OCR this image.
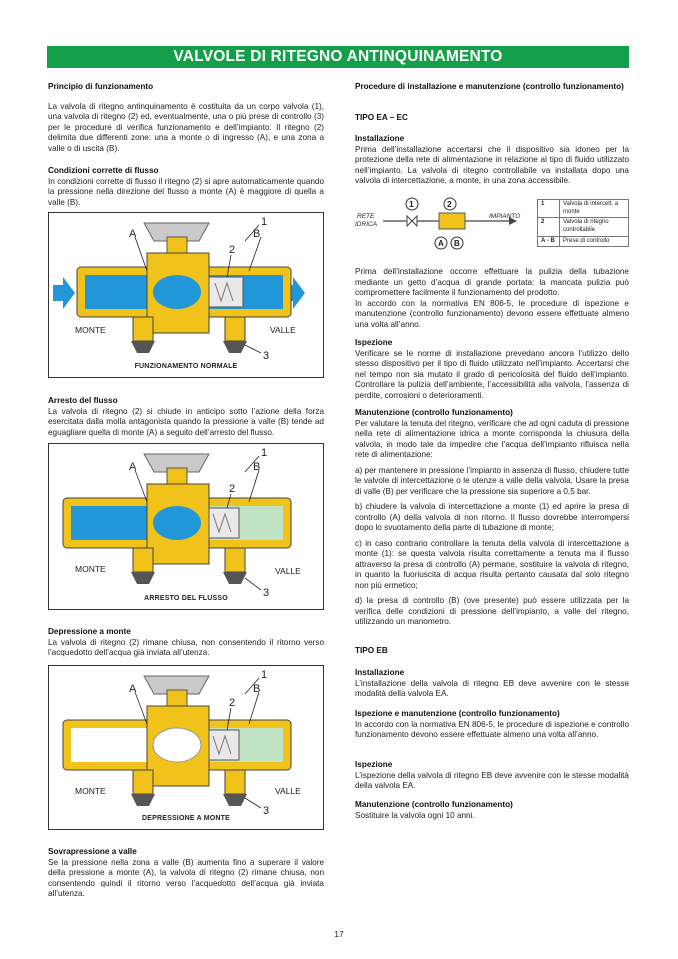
VALVOLE DI RITEGNO ANTINQUINAMENTO
Principio di funzionamento

La valvola di ritegno antinquinamento è costituita da un corpo valvola (1), una valvola di ritegno (2) ed, eventualmente, una o più prese di controllo (3) per le procedure di verifica funzionamento e dell’impianto. Il ritegno (2) delimita due differenti zone: una a monte o di ingresso (A), e una zona a valle o di uscita (B).

Condizioni corrette di flusso

In condizioni corrette di flusso il ritegno (2) si apre automaticamente quando la pressione nella direzione del flusso a monte (A) è maggiore di quella a valle (B).

A	B
1
2
3
MONTE	VALLE
FUNZIONAMENTO NORMALE
Arresto del flusso

La valvola di ritegno (2) si chiude in anticipo sotto l’azione della forza esercitata dalla molla antagonista quando la pressione a valle (B) tende ad eguagliare quella di monte (A) a seguito dell’arresto del flusso.

A	B
1
2
3
MONTE	VALLE
ARRESTO DEL FLUSSO
Depressione a monte

La valvola di ritegno (2) rimane chiusa, non consentendo il ritorno verso l’acquedotto dell’acqua già inviata all’utenza.

A	B
1
2
3
MONTE	VALLE
DEPRESSIONE A MONTE
Sovrapressione a valle

Se la pressione nella zona a valle (B) aumenta fino a superare il valore della pressione a monte (A), la valvola di ritegno (2) rimane chiusa, non consentendo quindi il ritorno verso l’acquedotto dell’acqua già inviata all’utenza.

Procedure di installazione e manutenzione (controllo funzionamento)
TIPO EA – EC
Installazione

Prima dell’installazione accertarsi che il dispositivo sia idoneo per la protezione della rete di alimentazione in relazione al tipo di fluido utilizzato nell’impianto. La valvola di ritegno controllabile va installata dopo una valvola di intercettazione, a monte, in una zona accessibile.

1	2
A B
RETE
IDRICA
IMPIANTO
1	Valvola di intercett. a monte
2	Valvola di ritegno controllabile
A - B	Prese di controllo

Prima dell’installazione occorre effettuare la pulizia della tubazione mediante un getto d’acqua di grande portata: la mancata pulizia può compromettere facilmente il funzionamento del prodotto.

In accordo con la normativa EN 806-5, le procedure di ispezione e manutenzione (controllo funzionamento) devono essere effettuate almeno una volta all’anno.

Ispezione

Verificare se le norme di installazione prevedano ancora l’utilizzo dello stesso dispositivo per il tipo di fluido utilizzato nell’impianto. Accertarsi che nel tempo non sia mutato il grado di pericolosità del fluido dell’impianto. Controllare la pulizia dell’ambiente, l’accessibilità alla valvola, l’assenza di perdite, corrosioni o deterioramenti.

Manutenzione (controllo funzionamento)

Per valutare la tenuta del ritegno, verificare che ad ogni caduta di pressione nella rete di alimentazione idrica a monte corrisponda la chiusura della valvola, in modo tale da impedire che l’acqua dell’impianto rifluisca nella rete di alimentazione:

a) per mantenere in pressione l’impianto in assenza di flusso, chiudere tutte le valvole di intercettazione o le utenze a valle della valvola. Usare la presa di valle (B) per verificare che la pressione sia superiore a 0,5 bar.

b) chiudere la valvola di intercettazione a monte (1) ed aprire la presa di controllo (A) della valvola di non ritorno. Il flusso dovrebbe interrompersi dopo lo svuotamento della parte di tubazione di monte;

c) in caso contrario controllare la tenuta della valvola di intercettazione a monte (1): se questa valvola risulta correttamente a tenuta ma il flusso attraverso la presa di controllo (A) permane, sostituire la valvola di ritegno, in quanto la fuoriuscita di acqua risulta pertanto causata dal solo ritegno non più ermetico;

d) la presa di controllo (B) (ove presente) può essere utilizzata per la verifica delle condizioni di pressione dell’impianto, a valle del ritegno, utilizzando un manometro.

TIPO EB
Installazione

L’installazione della valvola di ritegno EB deve avvenire con le stesse modalità della valvola EA.

Ispezione e manutenzione (controllo funzionamento)

In accordo con la normativa EN 806-5, le procedure di ispezione e controllo funzionamento devono essere effettuate almeno una volta all’anno.

Ispezione

L’ispezione della valvola di ritegno EB deve avvenire con le stesse modalità della valvola EA.

Manutenzione (controllo funzionamento)

Sostituire la valvola ogni 10 anni.

17
